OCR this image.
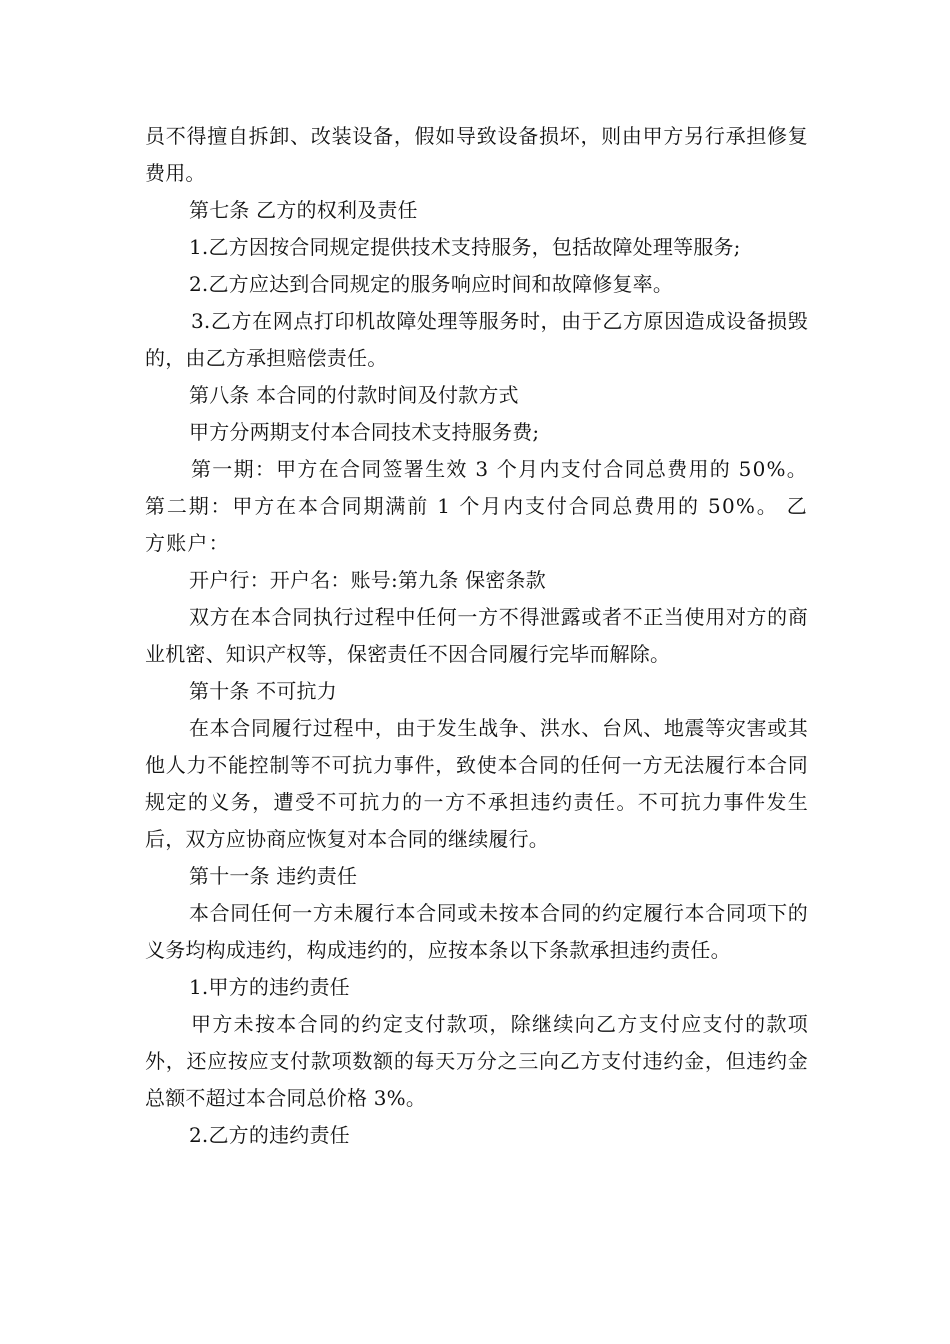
员不得擅自拆卸、改装设备，假如导致设备损坏，则由甲方另行承担修复费用。

第七条 乙方的权利及责任

1.乙方因按合同规定提供技术支持服务，包括故障处理等服务;

2.乙方应达到合同规定的服务响应时间和故障修复率。

3.乙方在网点打印机故障处理等服务时，由于乙方原因造成设备损毁的，由乙方承担赔偿责任。

第八条 本合同的付款时间及付款方式

甲方分两期支付本合同技术支持服务费;

第一期：甲方在合同签署生效 3 个月内支付合同总费用的 50%。 第二期：甲方在本合同期满前 1 个月内支付合同总费用的 50%。 乙方账户：

开户行：开户名：账号:第九条 保密条款

双方在本合同执行过程中任何一方不得泄露或者不正当使用对方的商业机密、知识产权等，保密责任不因合同履行完毕而解除。

第十条 不可抗力

在本合同履行过程中，由于发生战争、洪水、台风、地震等灾害或其他人力不能控制等不可抗力事件，致使本合同的任何一方无法履行本合同规定的义务，遭受不可抗力的一方不承担违约责任。不可抗力事件发生后，双方应协商应恢复对本合同的继续履行。

第十一条 违约责任

本合同任何一方未履行本合同或未按本合同的约定履行本合同项下的义务均构成违约，构成违约的，应按本条以下条款承担违约责任。

1.甲方的违约责任

甲方未按本合同的约定支付款项，除继续向乙方支付应支付的款项外，还应按应支付款项数额的每天万分之三向乙方支付违约金，但违约金总额不超过本合同总价格 3%。

2.乙方的违约责任
